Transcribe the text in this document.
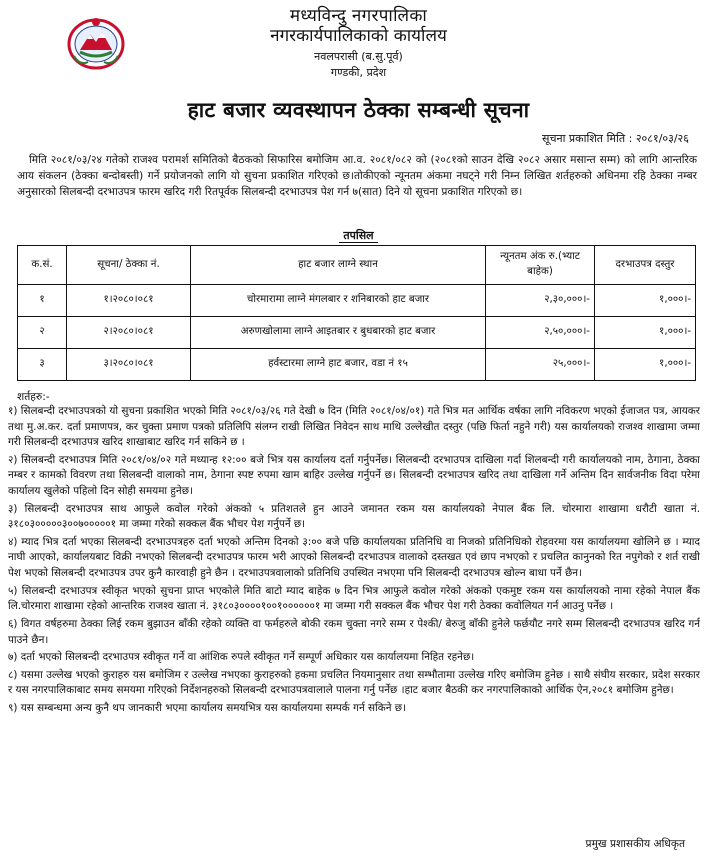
मध्यविन्दु नगरपालिका
नगरकार्यपालिकाको कार्यालय
नवलपरासी (ब.सु.पूर्व)
गण्डकी, प्रदेश
हाट बजार व्यवस्थापन ठेक्का सम्बन्धी सूचना
सूचना प्रकाशित मिति : २०८१/०३/२६

मिति २०८१/०३/२४ गतेको राजश्व परामर्श समितिको बैठकको सिफारिस बमोजिम आ.व. २०८१/०८२ को (२०८१को साउन देखि २०८२ असार मसान्त सम्म) को लागि आन्तरिक आय संकलन (ठेक्का बन्दोबस्ती) गर्ने प्रयोजनको लागि यो सुचना प्रकाशित गरिएको छ।तोकीएको न्यूनतम अंकमा नघट्ने गरी निम्न लिखित शर्तहरुको अधिनमा रहि ठेक्का नम्बर अनुसारको सिलबन्दी दरभाउपत्र फारम खरिद गरी रितपूर्वक सिलबन्दी दरभाउपत्र पेश गर्न ७(सात) दिने यो सूचना प्रकाशित गरिएको छ।

तपसिल
क.सं.	सूचना/ ठेक्का नं.	हाट बजार लाग्ने स्थान	न्यूनतम अंक रु.(भ्याट बाहेक)	दरभाउपत्र दस्तुर
१	१।२०८०।०८१	चोरमारामा लाग्ने मंगलबार र शनिबारको हाट बजार	२,३०,०००।-	१,०००।-
२	२।२०८०।०८१	अरुणखोलामा लाग्ने आइतबार र बुधबारको हाट बजार	२,५०,०००।-	१,०००।-
३	३।२०८०।०८१	हर्वस्टारमा लाग्ने हाट बजार, वडा नं १५	२५,०००।-	१,०००।-
शर्तहरु:-
१) सिलबन्दी दरभाउपत्रको यो सुचना प्रकाशित भएको मिति २०८१/०३/२६ गते देखी ७ दिन (मिति २०८१/०४/०१) गते भित्र मत आर्थिक वर्षका लागि नविकरण भएको ईजाजत पत्र, आयकर तथा मु.अ.कर. दर्ता प्रमाणपत्र, कर चुक्ता प्रमाण पत्रको प्रतिलिपि संलग्न राखी लिखित निवेदन साथ माथि उल्लेखीत दस्तुर (पछि फिर्ता नहुने गरी) यस कार्यालयको राजश्व शाखामा जम्मा गरी सिलबन्दी दरभाउपत्र खरिद शाखाबाट खरिद गर्न सकिने छ ।
२) सिलबन्दी दरभाउपत्र मिति २०८१/०४/०२ गते मध्यान्ह १२:०० बजे भित्र यस कार्यालय दर्ता गर्नुपर्नेछ। सिलबन्दी दरभाउपत्र दाखिला गर्दा शिलबन्दी गरी कार्यालयको नाम, ठेगाना, ठेक्का नम्बर र कामको विवरण तथा सिलबन्दी वालाको नाम, ठेगाना स्पष्ट रुपमा खाम बाहिर उल्लेख गर्नुपर्ने छ। सिलबन्दी दरभाउपत्र खरिद तथा दाखिला गर्ने अन्तिम दिन सार्वजनीक विदा परेमा कार्यालय खुलेको पहिलो दिन सोही समयमा हुनेछ।
३) सिलबन्दी दरभाउपत्र साथ आफुले कवोल गरेको अंकको ५ प्रतिशतले हुन आउने जमानत रकम यस कार्यालयको नेपाल बैंक लि. चोरमारा शाखामा धरौटी खाता नं. ३१८०३०००००३००७०००००१ मा जम्मा गरेको सक्कल बैंक भौचर पेश गर्नुपर्ने छ।
४) म्याद भित्र दर्ता भएका सिलबन्दी दरभाउपत्रहरु दर्ता भएको अन्तिम दिनको ३:०० बजे पछि कार्यालयका प्रतिनिधि वा निजको प्रतिनिधिको रोहवरमा यस कार्यालयमा खोलिने छ । म्याद नाघी आएको, कार्यालयबाट विक्री नभएको सिलबन्दी दरभाउपत्र फारम भरी आएको सिलबन्दी दरभाउपत्र वालाको दस्तखत एवं छाप नभएको र प्रचलित कानुनको रित नपुगेको र शर्त राखी पेश भएको सिलबन्दी दरभाउपत्र उपर कुनै कारवाही हुने छैन । दरभाउपत्रवालाको प्रतिनिधि उपस्थित नभएमा पनि सिलबन्दी दरभाउपत्र खोल्न बाधा पर्ने छैन।
५) सिलबन्दी दरभाउपत्र स्वीकृत भएको सुचना प्राप्त भएकोले मिति बाटो म्याद बाहेक ७ दिन भित्र आफुले कवोल गरेको अंकको एकमुष्ट रकम यस कार्यालयको नामा रहेको नेपाल बैंक लि.चोरमारा शाखामा रहेको आन्तरिक राजश्व खाता नं. ३१८०३००००१००१००००००१ मा जम्मा गरी सक्कल बैंक भौचर पेश गरी ठेक्का कवोलियत गर्न आउनु पर्नेछ ।
६) विगत वर्षहरुमा ठेक्का लिई रकम बुझाउन बाँकी रहेको व्यक्ति वा फर्महरुले बोकी रकम चुक्ता नगरे सम्म र पेश्की/ बेरुजु बाँकी हुनेले फर्छयौट नगरे सम्म सिलबन्दी दरभाउपत्र खरिद गर्न पाउने छैन।
७) दर्ता भएको सिलबन्दी दरभाउपत्र स्वीकृत गर्ने वा आंशिक रुपले स्वीकृत गर्ने सम्पूर्ण अधिकार यस कार्यालयमा निहित रहनेछ।
८) यसमा उल्लेख भएको कुराहरु यस बमोजिम र उल्लेख नभएका कुराहरुको हकमा प्रचलित नियमानुसार तथा सम्भौतामा उल्लेख गरिए बमोजिम हुनेछ । साथै संघीय सरकार, प्रदेश सरकार र यस नगरपालिकाबाट समय समयमा गरिएको निर्देशनहरुको सिलबन्दी दरभाउपत्रवालाले पालना गर्नु पर्नेछ ।हाट बजार बैठकी कर नगरपालिकाको आर्थिक ऐन,२०८१ बमोजिम हुनेछ।
९) यस सम्बन्धमा अन्य कुनै थप जानकारी भएमा कार्यालय समयभित्र यस कार्यालयमा सम्पर्क गर्न सकिने छ।
प्रमुख प्रशासकीय अधिकृत
